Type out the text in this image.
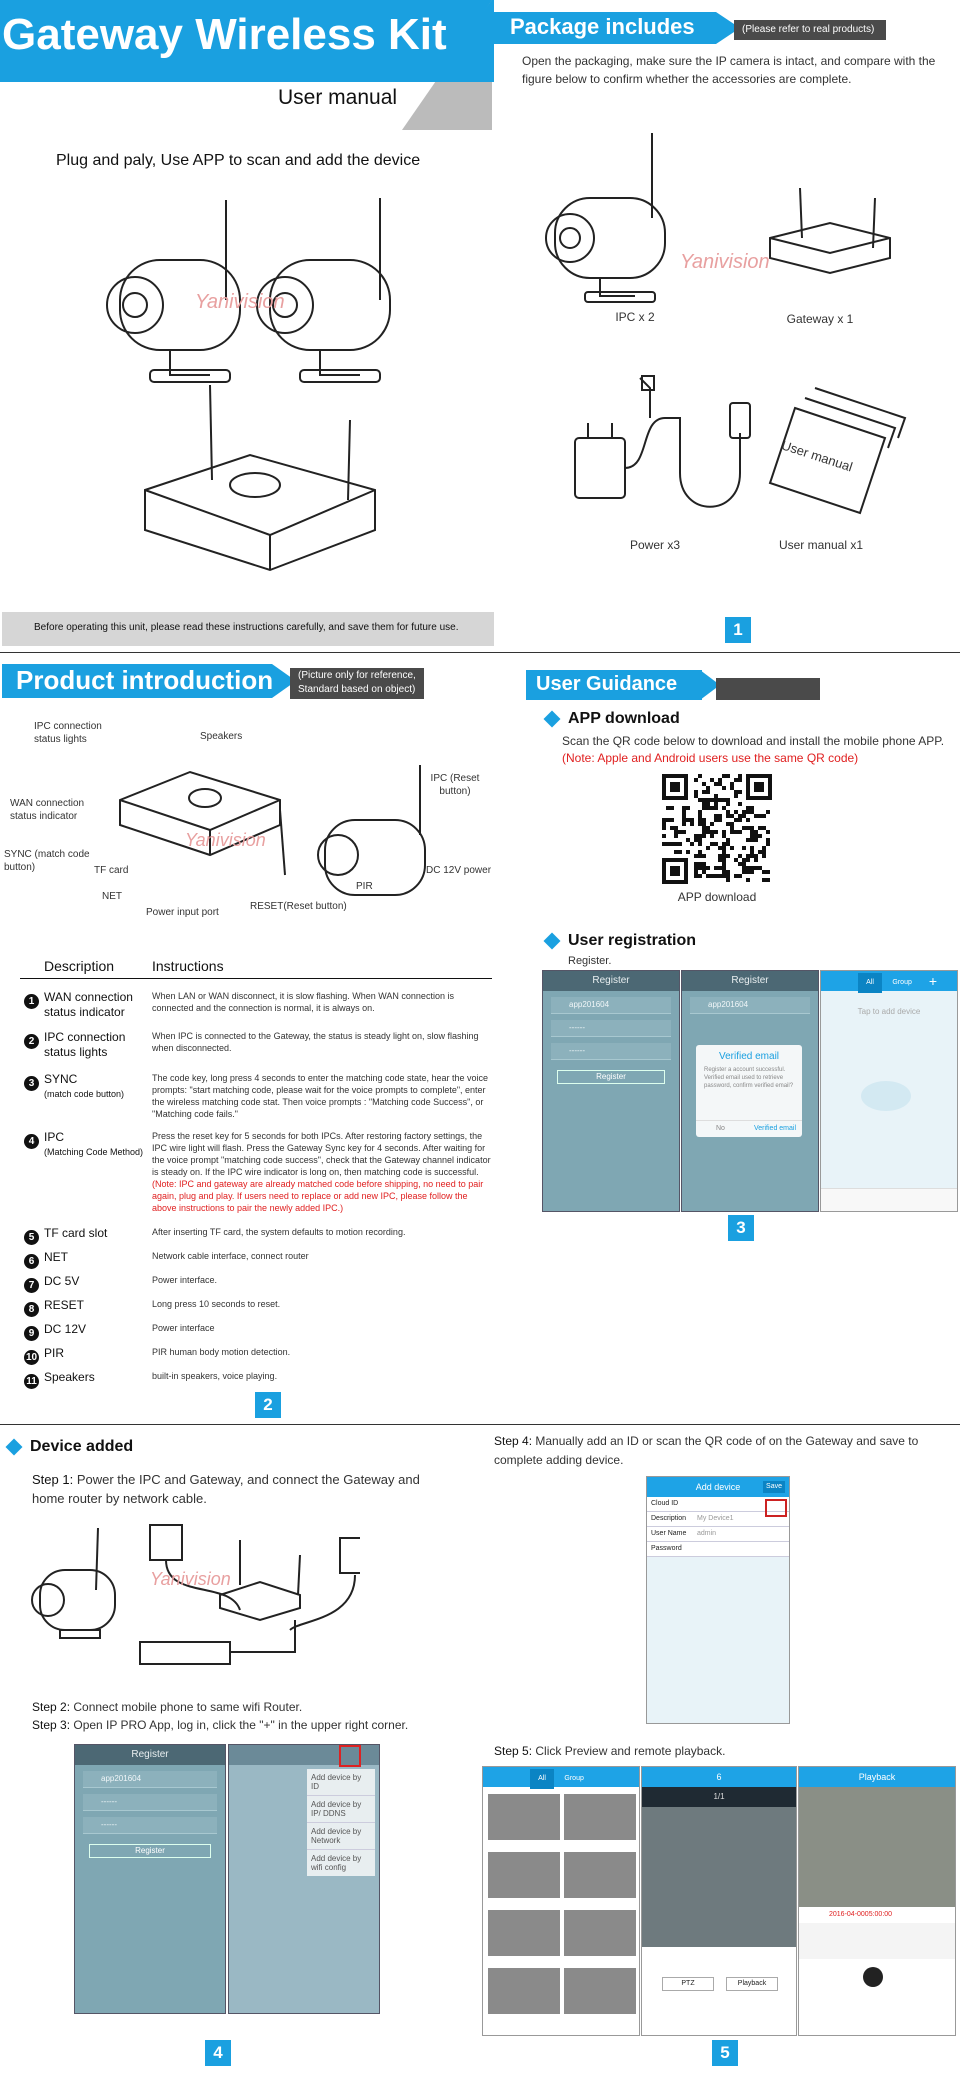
Gateway Wireless Kit
User manual
Plug and paly, Use APP to scan and add the device
Yanivision
Before operating this unit, please read these instructions carefully, and save them for future use.
Package includes	(Please refer to real products)
Open the packaging, make sure the IP camera is intact, and compare with the figure below to confirm whether the accessories are complete.
User manual
Yanivision
IPC x 2	Gateway x 1
Power x3	User manual x1
1
Product introduction (Picture only for reference,
Standard based on object)
Yanivision
IPC connection status lights	Speakers
WAN connection status indicator
SYNC (match code button)	TF card
NET
Power input port
RESET(Reset button)
IPC (Reset button)
PIR
DC 12V power
Description	Instructions
1 WAN connection status indicator
When LAN or WAN disconnect, it is slow flashing. When WAN connection is connected and the connection is normal, it is always on.
2 IPC connection status lights
When IPC is connected to the Gateway, the status is steady light on, slow flashing when disconnected.
3 SYNC
(match code button)
The code key, long press 4 seconds to enter the matching code state, hear the voice prompts: "start matching code, please wait for the voice prompts to complete", enter the wireless matching code stat. Then voice prompts : "Matching code Success", or "Matching code fails."
4 IPC
(Matching Code Method)
Press the reset key for 5 seconds for both IPCs. After restoring factory settings, the IPC wire light will flash. Press the Gateway Sync key for 4 seconds. After waiting for the voice prompt "matching code success", check that the Gateway channel indicator is steady on. If the IPC wire indicator is long on, then matching code is successful. (Note: IPC and gateway are already matched code before shipping, no need to pair again, plug and play. If users need to replace or add new IPC, please follow the above instructions to pair the newly added IPC.)
5 TF card slot	After inserting TF card, the system defaults to motion recording.
6 NET	Network cable interface, connect router
7 DC 5V	Power interface.
8 RESET	Long press 10 seconds to reset.
9 DC 12V	Power interface
10 PIR	PIR human body motion detection.
11 Speakers	built-in speakers, voice playing.
2
User Guidance
APP download
Scan the QR code below to download and install the mobile phone APP.
(Note: Apple and Android users use the same QR code)
APP download
User registration
Register.
Register
app201604
------
------
Register
Register
app201604
Verified email
Register a account successful. Verified email used to retrieve password, confirm verified email?
No	Verified email
All	Group +
Tap to add device
3
Device added
Step 1: Power the IPC and Gateway, and connect the Gateway and home router by network cable.
Yanivision
Step 2: Connect mobile phone to same wifi Router.
Step 3: Open IP PRO App, log in, click the "+" in the upper right corner.
Register
app201604
------
------
Register
Add device by ID
Add device by IP/ DDNS
Add device by Network
Add device by wifi config
4
Step 4: Manually add an ID or scan the QR code of on the Gateway and save to complete adding device.
Add device	Save
Cloud ID
Description My Device1
User Name admin
Password
Step 5: Click Preview and remote playback.
All	Group	6
1/1
PTZ	Playback
Playback
2016-04-0005:00:00
5
